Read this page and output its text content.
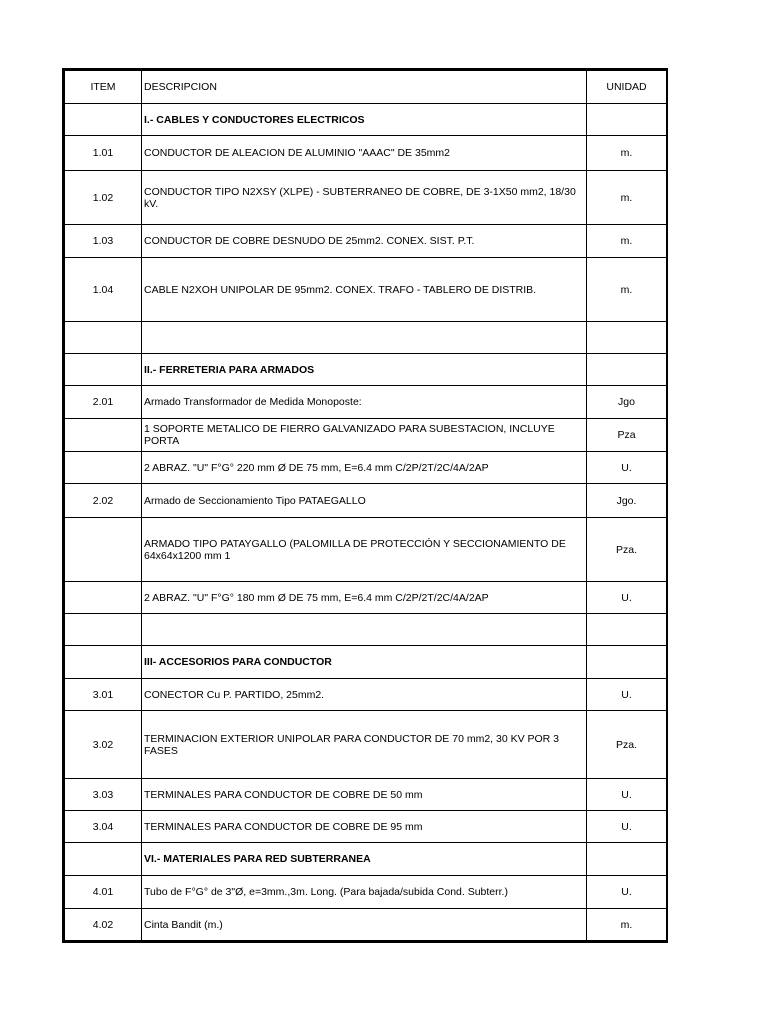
ITEM	DESCRIPCION	UNIDAD
	I.- CABLES Y CONDUCTORES ELECTRICOS	
1.01	CONDUCTOR DE ALEACION DE ALUMINIO "AAAC" DE 35mm2	m.
1.02	CONDUCTOR TIPO N2XSY (XLPE) - SUBTERRANEO DE COBRE, DE 3-1X50 mm2, 18/30 kV.	m.
1.03	CONDUCTOR DE COBRE DESNUDO DE 25mm2. CONEX. SIST. P.T.	m.
1.04	CABLE N2XOH UNIPOLAR DE 95mm2. CONEX. TRAFO - TABLERO DE DISTRIB.	m.

	II.- FERRETERIA PARA ARMADOS	
2.01	Armado Transformador de Medida Monoposte:	Jgo
	1 SOPORTE METALICO DE FIERRO GALVANIZADO PARA SUBESTACION, INCLUYE PORTA	Pza
	2 ABRAZ. "U" F°G° 220 mm Ø DE 75 mm, E=6.4 mm C/2P/2T/2C/4A/2AP	U.
2.02	Armado de Seccionamiento Tipo PATAEGALLO	Jgo.
	ARMADO TIPO PATAYGALLO (PALOMILLA DE PROTECCIÓN Y SECCIONAMIENTO DE 64x64x1200 mm 1	Pza.
	2 ABRAZ. "U" F°G° 180 mm Ø DE 75 mm, E=6.4 mm C/2P/2T/2C/4A/2AP	U.

	III- ACCESORIOS PARA CONDUCTOR	
3.01	CONECTOR Cu P. PARTIDO, 25mm2.	U.
3.02	TERMINACION EXTERIOR UNIPOLAR PARA CONDUCTOR DE 70 mm2, 30 KV POR 3 FASES	Pza.
3.03	TERMINALES PARA CONDUCTOR DE COBRE DE 50 mm	U.
3.04	TERMINALES PARA CONDUCTOR DE COBRE DE 95 mm	U.
	VI.- MATERIALES PARA RED SUBTERRANEA	
4.01	Tubo de F°G° de 3"Ø, e=3mm.,3m. Long. (Para bajada/subida Cond. Subterr.)	U.
4.02	Cinta Bandit (m.)	m.
